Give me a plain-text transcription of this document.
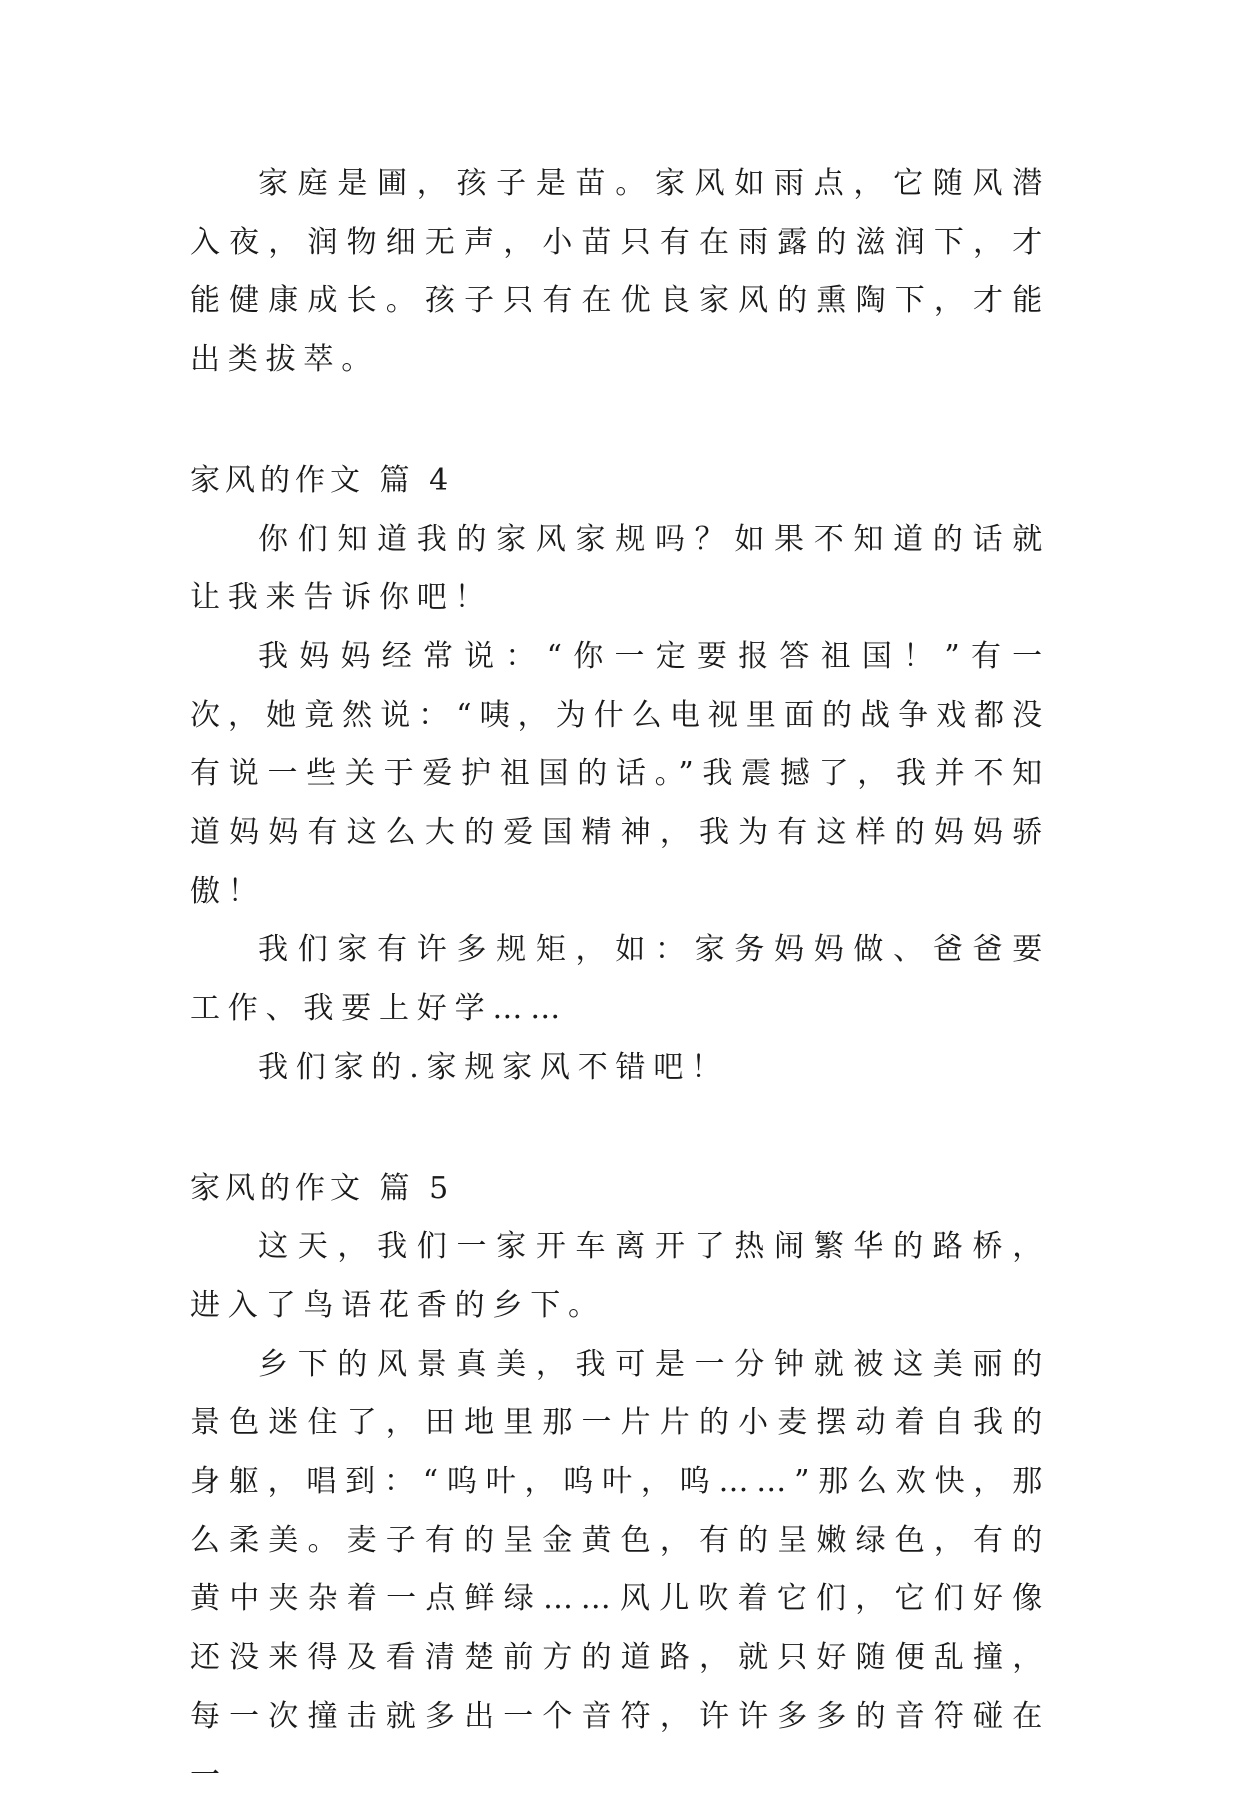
家庭是圃，孩子是苗。家风如雨点，它随风潜入夜，润物细无声，小苗只有在雨露的滋润下，才能健康成长。孩子只有在优良家风的熏陶下，才能出类拔萃。

家风的作文 篇 4

你们知道我的家风家规吗？如果不知道的话就让我来告诉你吧！

我妈妈经常说：“你一定要报答祖国！”有一次，她竟然说：“咦，为什么电视里面的战争戏都没有说一些关于爱护祖国的话。”我震撼了，我并不知道妈妈有这么大的爱国精神，我为有这样的妈妈骄傲！

我们家有许多规矩，如：家务妈妈做、爸爸要工作、我要上好学……

我们家的.家规家风不错吧！

家风的作文 篇 5

这天，我们一家开车离开了热闹繁华的路桥，进入了鸟语花香的乡下。

乡下的风景真美，我可是一分钟就被这美丽的景色迷住了，田地里那一片片的小麦摆动着自我的身躯，唱到：“呜叶，呜叶，呜……”那么欢快，那么柔美。麦子有的呈金黄色，有的呈嫩绿色，有的黄中夹杂着一点鲜绿……风儿吹着它们，它们好像还没来得及看清楚前方的道路，就只好随便乱撞，每一次撞击就多出一个音符，许许多多的音符碰在一
